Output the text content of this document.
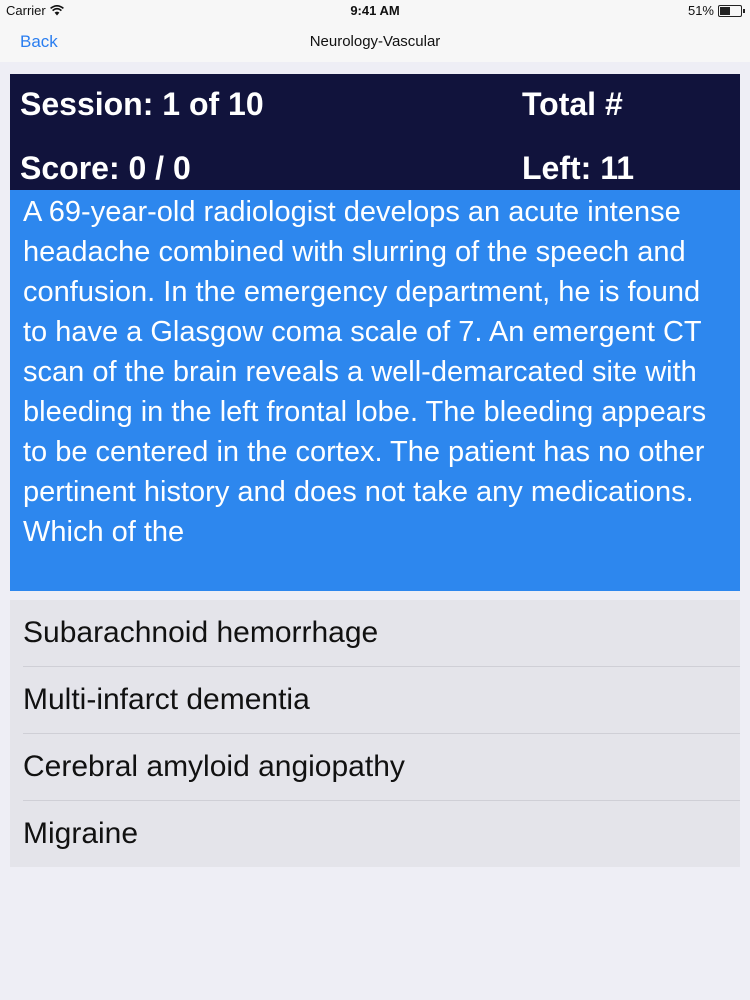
Carrier	9:41 AM	51%
Back	Neurology-Vascular
Session: 1 of 10	Total #
Score: 0 / 0	Left: 11
A 69-year-old radiologist develops an acute intense headache combined with slurring of the speech and confusion. In the emergency department, he is found to have a Glasgow coma scale of 7. An emergent CT scan of the brain reveals a well-demarcated site with bleeding in the left frontal lobe. The bleeding appears to be centered in the cortex. The patient has no other pertinent history and does not take any medications. Which of the
Subarachnoid hemorrhage
Multi-infarct dementia
Cerebral amyloid angiopathy
Migraine
